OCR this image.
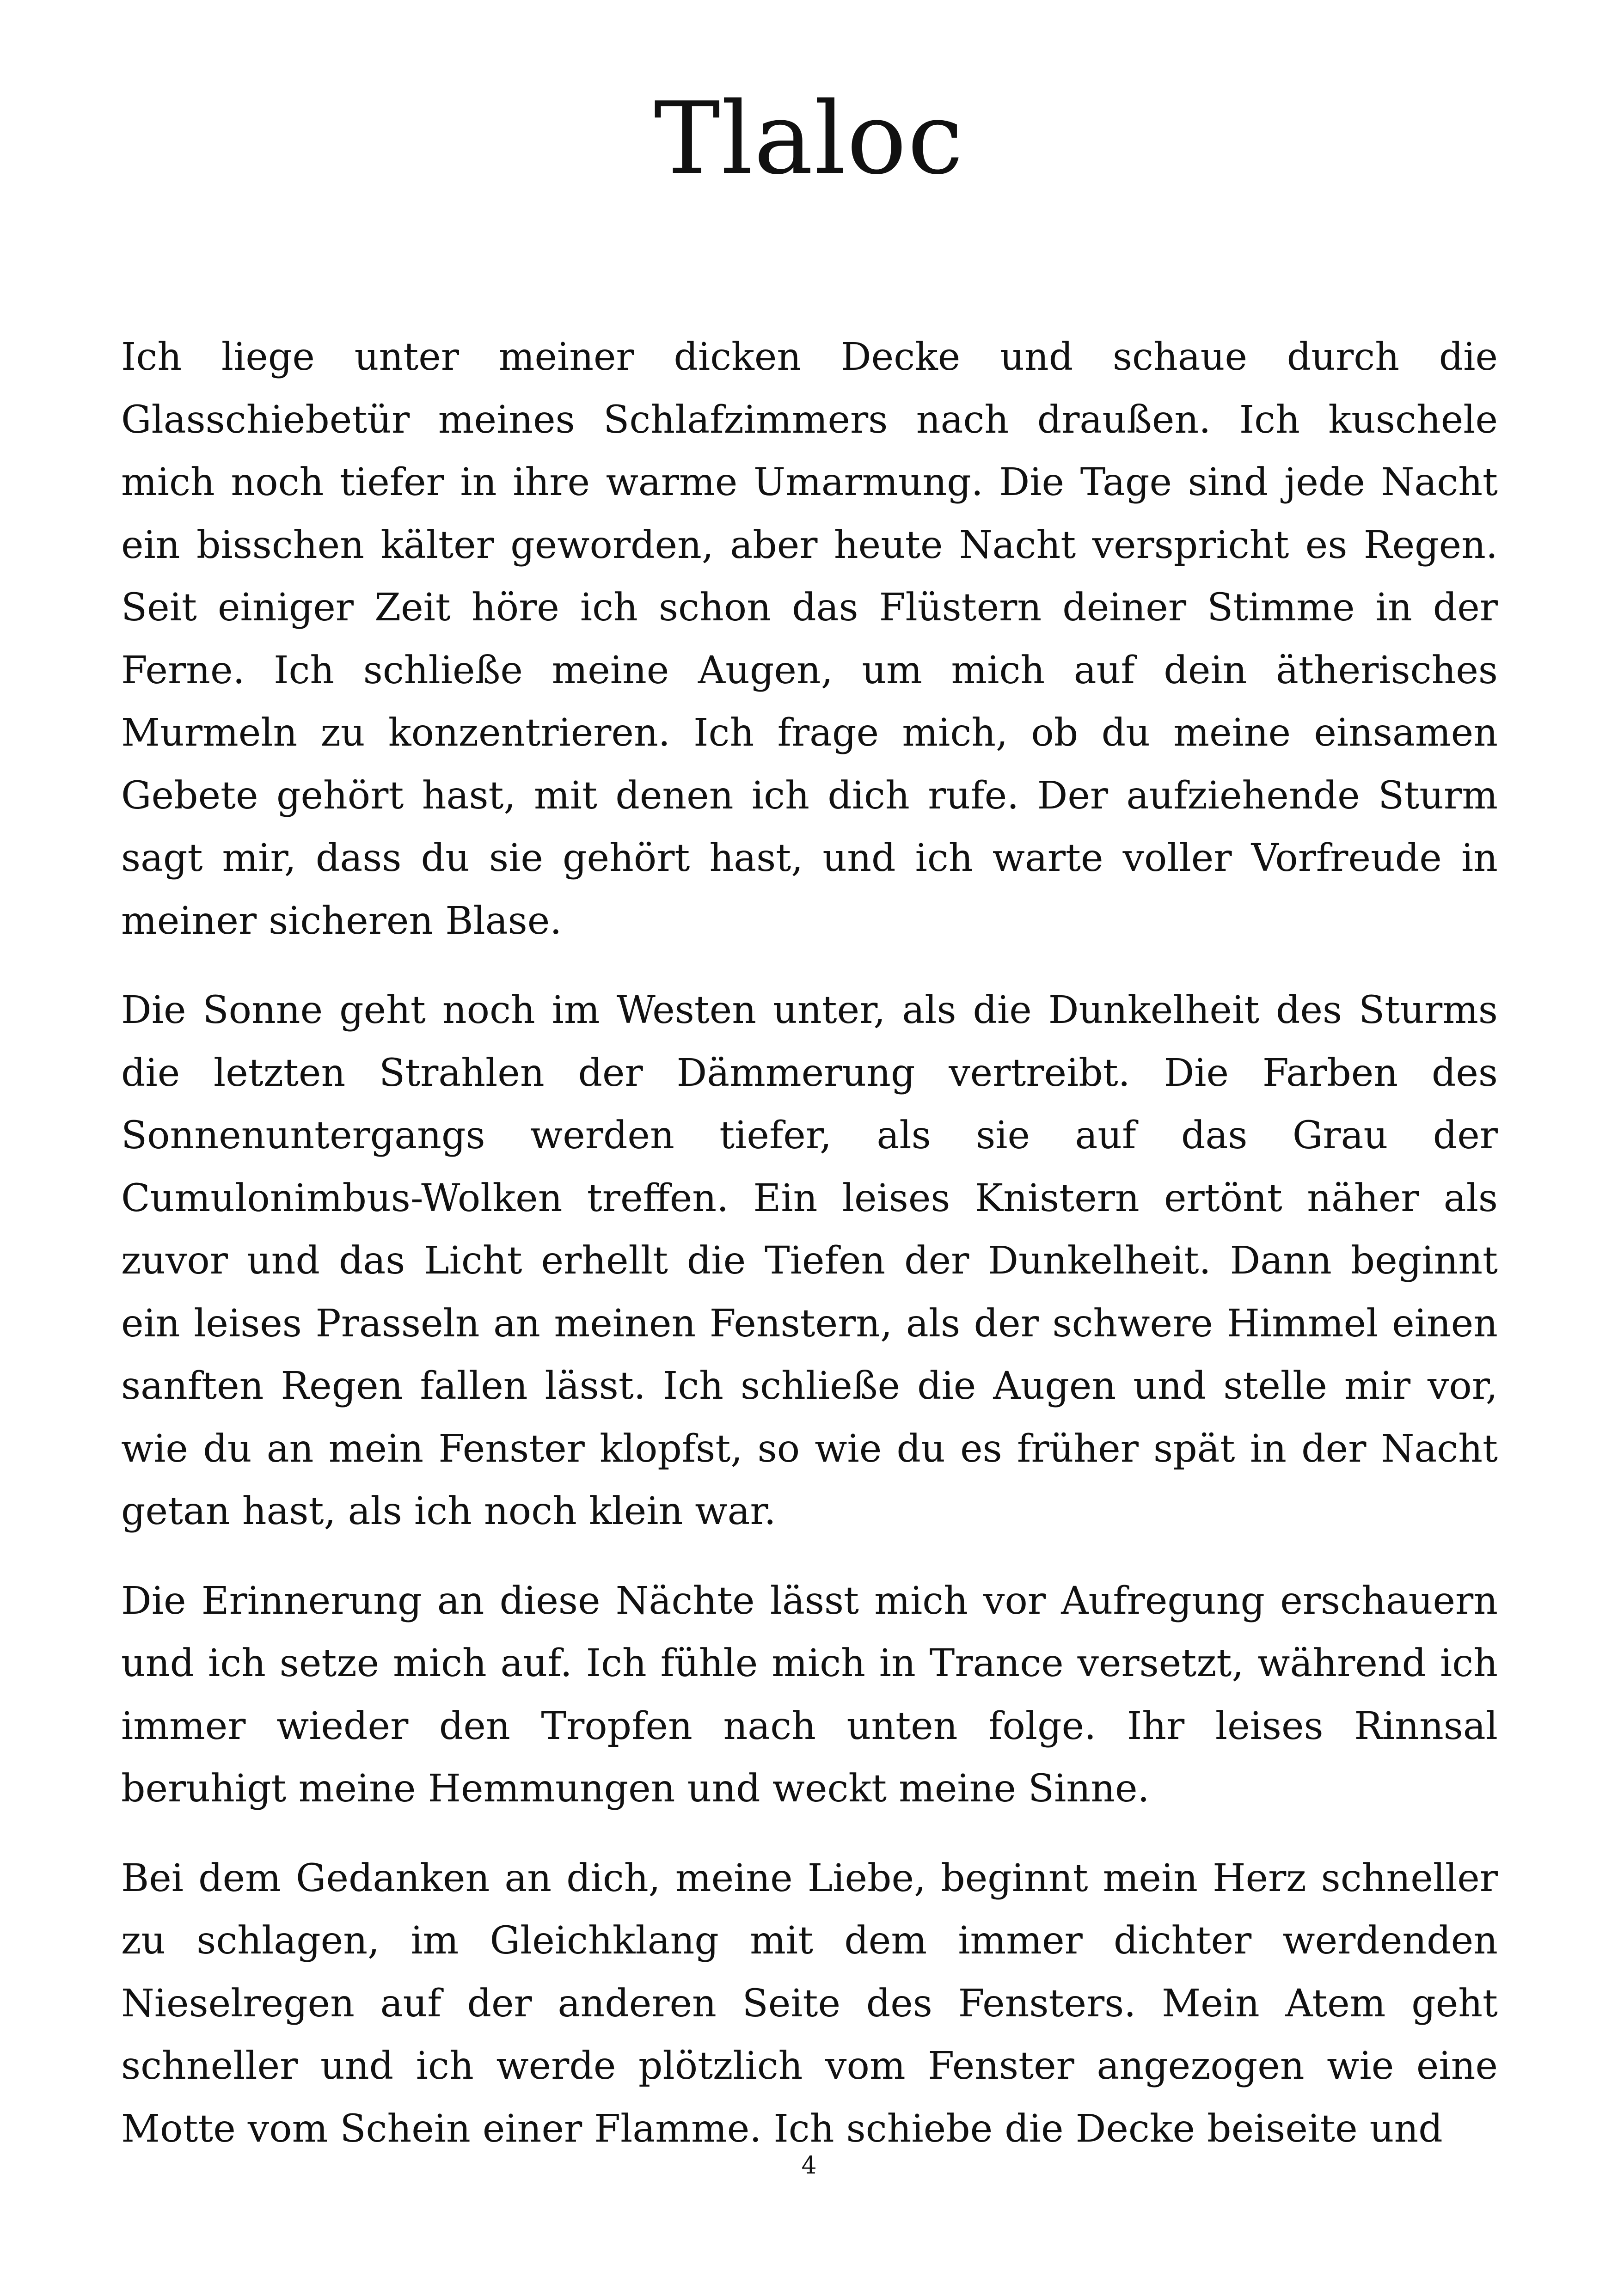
Tlaloc

Ich liege unter meiner dicken Decke und schaue durch die Glasschiebetür meines Schlafzimmers nach draußen. Ich kuschele mich noch tiefer in ihre warme Umarmung. Die Tage sind jede Nacht ein bisschen kälter geworden, aber heute Nacht verspricht es Regen. Seit einiger Zeit höre ich schon das Flüstern deiner Stimme in der Ferne. Ich schließe meine Augen, um mich auf dein ätherisches Murmeln zu konzentrieren. Ich frage mich, ob du meine einsamen Gebete gehört hast, mit denen ich dich rufe. Der aufziehende Sturm sagt mir, dass du sie gehört hast, und ich warte voller Vorfreude in meiner sicheren Blase.

Die Sonne geht noch im Westen unter, als die Dunkelheit des Sturms die letzten Strahlen der Dämmerung vertreibt. Die Farben des Sonnenuntergangs werden tiefer, als sie auf das Grau der Cumulonimbus-Wolken treffen. Ein leises Knistern ertönt näher als zuvor und das Licht erhellt die Tiefen der Dunkelheit. Dann beginnt ein leises Prasseln an meinen Fenstern, als der schwere Himmel einen sanften Regen fallen lässt. Ich schließe die Augen und stelle mir vor, wie du an mein Fenster klopfst, so wie du es früher spät in der Nacht getan hast, als ich noch klein war.

Die Erinnerung an diese Nächte lässt mich vor Aufregung erschauern und ich setze mich auf. Ich fühle mich in Trance versetzt, während ich immer wieder den Tropfen nach unten folge. Ihr leises Rinnsal beruhigt meine Hemmungen und weckt meine Sinne.

Bei dem Gedanken an dich, meine Liebe, beginnt mein Herz schneller zu schlagen, im Gleichklang mit dem immer dichter werdenden Nieselregen auf der anderen Seite des Fensters. Mein Atem geht schneller und ich werde plötzlich vom Fenster angezogen wie eine Motte vom Schein einer Flamme. Ich schiebe die Decke beiseite und

4
